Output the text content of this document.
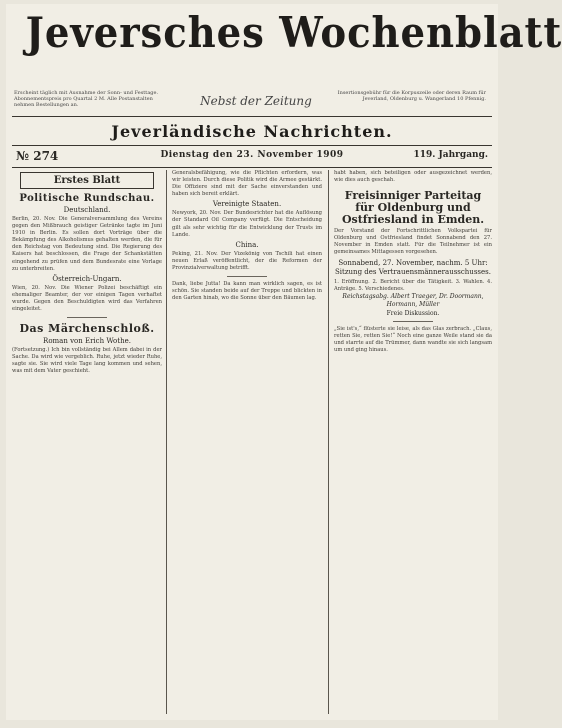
Jeversches Wochenblatt
Erscheint täglich mit Ausnahme der Sonn- und Festtage. Abonnementspreis pro Quartal 2 M. Alle Postanstalten nehmen Bestellungen an.	Nebst der Zeitung
Insertionsgebühr für die Korpuszeile oder deren Raum für Jeverland, Oldenburg u. Wangerland 10 Pfennig.
Jeverländische Nachrichten.
№ 274	Dienstag den 23. November 1909	119. Jahrgang.
Erstes Blatt
Politische Rundschau.
Deutschland.

Berlin, 20. Nov. Die Generalversammlung des Vereins gegen den Mißbrauch geistiger Getränke tagte im Juni 1910 in Berlin. Es sollen dort Vorträge über die Bekämpfung des Alkoholismus gehalten werden, die für den Reichstag von Bedeutung sind. Die Regierung des Kaisers hat beschlossen, die Frage der Schankstätten eingehend zu prüfen und dem Bundesrate eine Vorlage zu unterbreiten.

Österreich-Ungarn.

Wien, 20. Nov. Die Wiener Polizei beschäftigt ein ehemaliger Beamter, der vor einigen Tagen verhaftet wurde. Gegen den Beschuldigten wird das Verfahren eingeleitet.

Das Märchenschloß.
Roman von Erich Wothe.

(Fortsetzung.) Ich bin vollständig bei Allem dabei in der Sache. Da wird wie vergeblich. Ruhe, jetzt wieder Ruhe, sagte sie. Sie wird viele Tage lang kommen und sehen, was mit dem Vater geschieht.

Generalsbefähigung, wie die Pflichten erfordern, was wir leisten. Durch diese Politik wird die Armee gestärkt. Die Offiziere sind mit der Sache einverstanden und haben sich bereit erklärt.

Vereinigte Staaten.

Newyork, 20. Nov. Der Bundesrichter hat die Auflösung der Standard Oil Company verfügt. Die Entscheidung gilt als sehr wichtig für die Entwicklung der Trusts im Lande.

China.

Peking, 21. Nov. Der Vizekönig von Tschili hat einen neuen Erlaß veröffentlicht, der die Reformen der Provinzialverwaltung betrifft.

Dank, liebe Jutta! Da kann man wirklich sagen, es ist schön. Sie standen beide auf der Treppe und blickten in den Garten hinab, wo die Sonne über den Bäumen lag.

habt haben, sich beteiligen oder ausgezeichnet werden, wie dies auch geschah.

Freisinniger Parteitag für Oldenburg und Ostfriesland in Emden.

Der Vorstand der Fortschrittlichen Volkspartei für Oldenburg und Ostfriesland findet Sonnabend den 27. November in Emden statt. Für die Teilnehmer ist ein gemeinsames Mittagessen vorgesehen.

Sonnabend, 27. November, nachm. 5 Uhr: Sitzung des Vertrauensmännerausschusses.

1. Eröffnung. 2. Bericht über die Tätigkeit. 3. Wahlen. 4. Anträge. 5. Verschiedenes.

Reichstagsabg. Albert Traeger, Dr. Doormann, Hormann, Müller
Freie Diskussion.

„Sie ist's,“ flüsterte sie leise, als das Glas zerbrach. „Claus, retten Sie, retten Sie!“ Noch eine ganze Weile stand sie da und starrte auf die Trümmer, dann wandte sie sich langsam um und ging hinaus.
